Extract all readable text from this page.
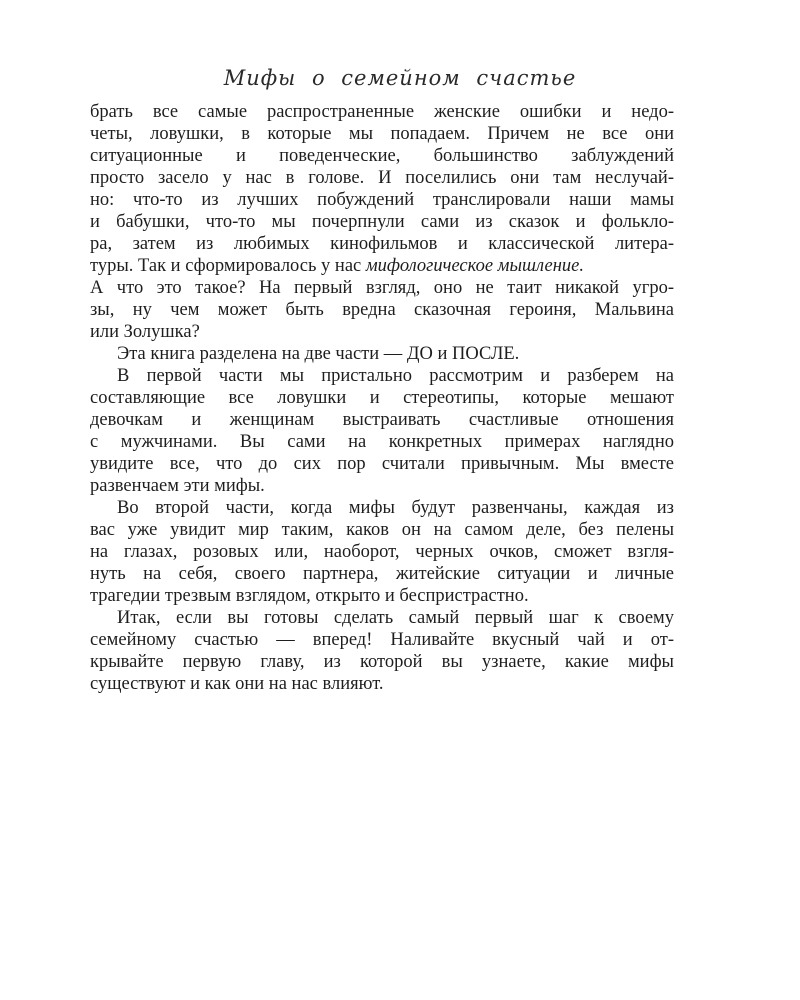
Мифы о семейном счастье
брать все самые распространенные женские ошибки и недо-
четы, ловушки, в которые мы попадаем. Причем не все они
ситуационные и поведенческие, большинство заблуждений
просто засело у нас в голове. И поселились они там неслучай-
но: что-то из лучших побуждений транслировали наши мамы
и бабушки, что-то мы почерпнули сами из сказок и фолькло-
ра, затем из любимых кинофильмов и классической литера-
туры. Так и сформировалось у нас мифологическое мышление.
А что это такое? На первый взгляд, оно не таит никакой угро-
зы, ну чем может быть вредна сказочная героиня, Мальвина
или Золушка?
Эта книга разделена на две части — ДО и ПОСЛЕ.
В первой части мы пристально рассмотрим и разберем на
составляющие все ловушки и стереотипы, которые мешают
девочкам и женщинам выстраивать счастливые отношения
с мужчинами. Вы сами на конкретных примерах наглядно
увидите все, что до сих пор считали привычным. Мы вместе
развенчаем эти мифы.
Во второй части, когда мифы будут развенчаны, каждая из
вас уже увидит мир таким, каков он на самом деле, без пелены
на глазах, розовых или, наоборот, черных очков, сможет взгля-
нуть на себя, своего партнера, житейские ситуации и личные
трагедии трезвым взглядом, открыто и беспристрастно.
Итак, если вы готовы сделать самый первый шаг к своему
семейному счастью — вперед! Наливайте вкусный чай и от-
крывайте первую главу, из которой вы узнаете, какие мифы
существуют и как они на нас влияют.
